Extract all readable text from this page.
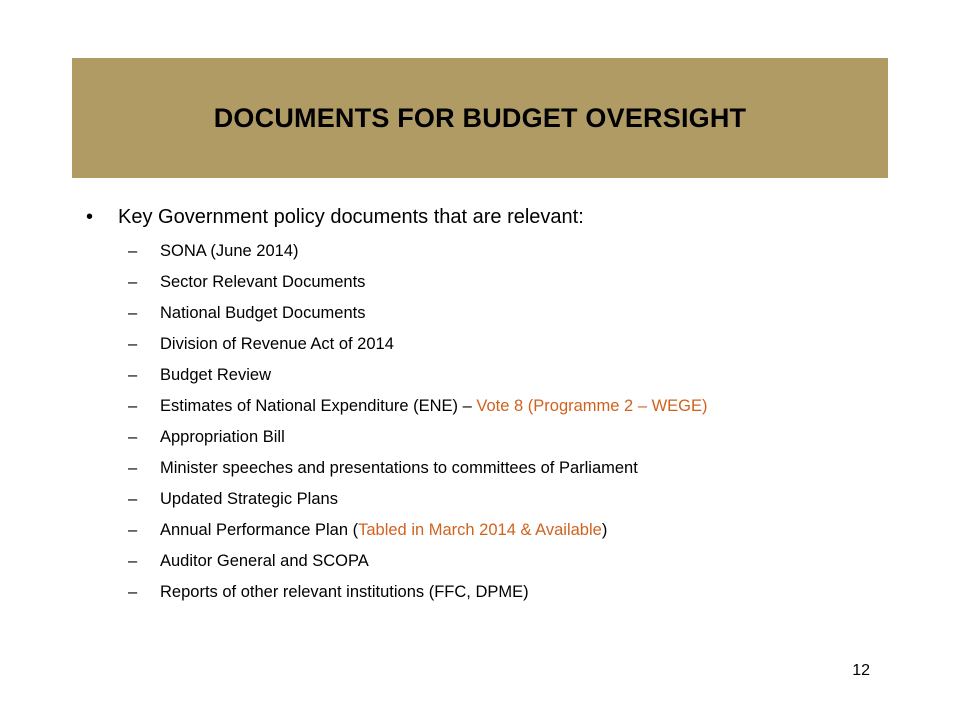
DOCUMENTS FOR BUDGET OVERSIGHT
•	Key Government policy documents that are relevant:
–	SONA (June 2014)
–	Sector Relevant Documents
–	National Budget Documents
–	Division of Revenue Act of 2014
–	Budget Review
–	Estimates of National Expenditure (ENE) – Vote 8 (Programme 2 – WEGE)
–	Appropriation Bill
–	Minister speeches and presentations to committees of Parliament
–	Updated Strategic Plans
–	Annual Performance Plan (Tabled in March 2014 & Available)
–	Auditor General and SCOPA
–	Reports of other relevant institutions (FFC, DPME)
12
